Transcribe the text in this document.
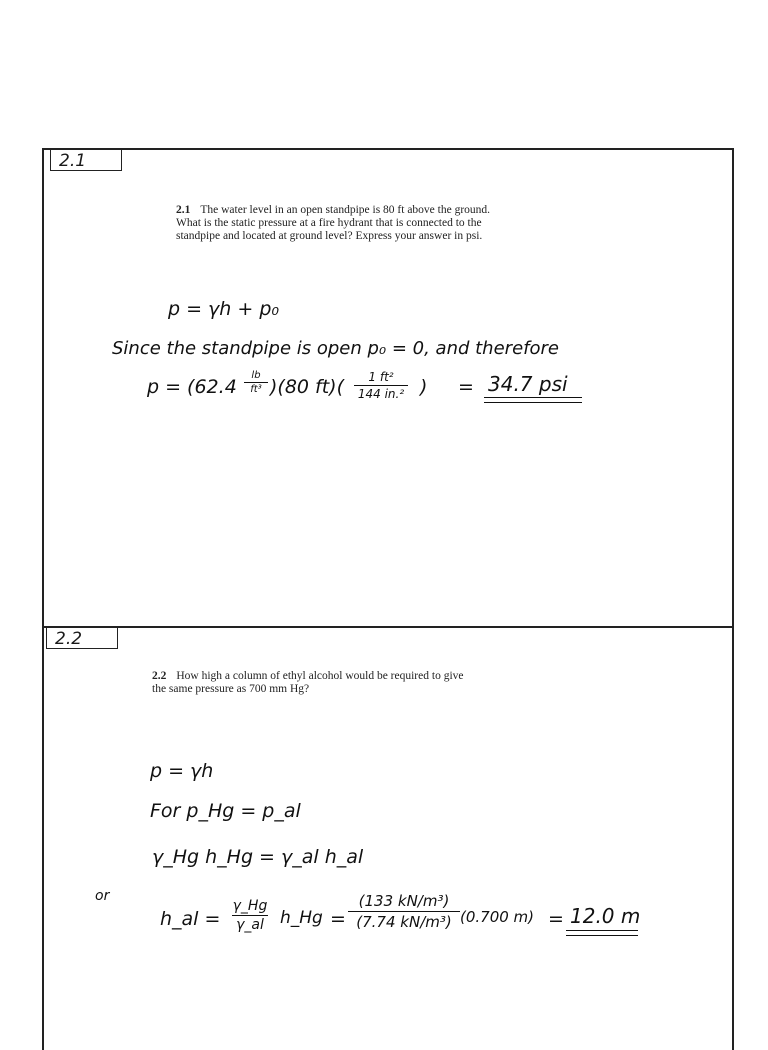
2.1
2.1 The water level in an open standpipe is 80 ft above the ground. What is the static pressure at a fire hydrant that is connected to the standpipe and located at ground level? Express your answer in psi.
p = γh + p₀
Since the standpipe is open p₀ = 0, and therefore
p = (62.4
lb
ft³ )(80 ft)(	1 ft²
144 in.² ) = 34.7 psi
2.2
2.2 How high a column of ethyl alcohol would be required to give the same pressure as 700 mm Hg?
p = γh
For p_Hg = p_al
γ_Hg h_Hg = γ_al h_al
or
h_al =
γ_Hg
γ_al h_Hg =
(133 kN/m³)
(7.74 kN/m³) (0.700 m) = 12.0 m
